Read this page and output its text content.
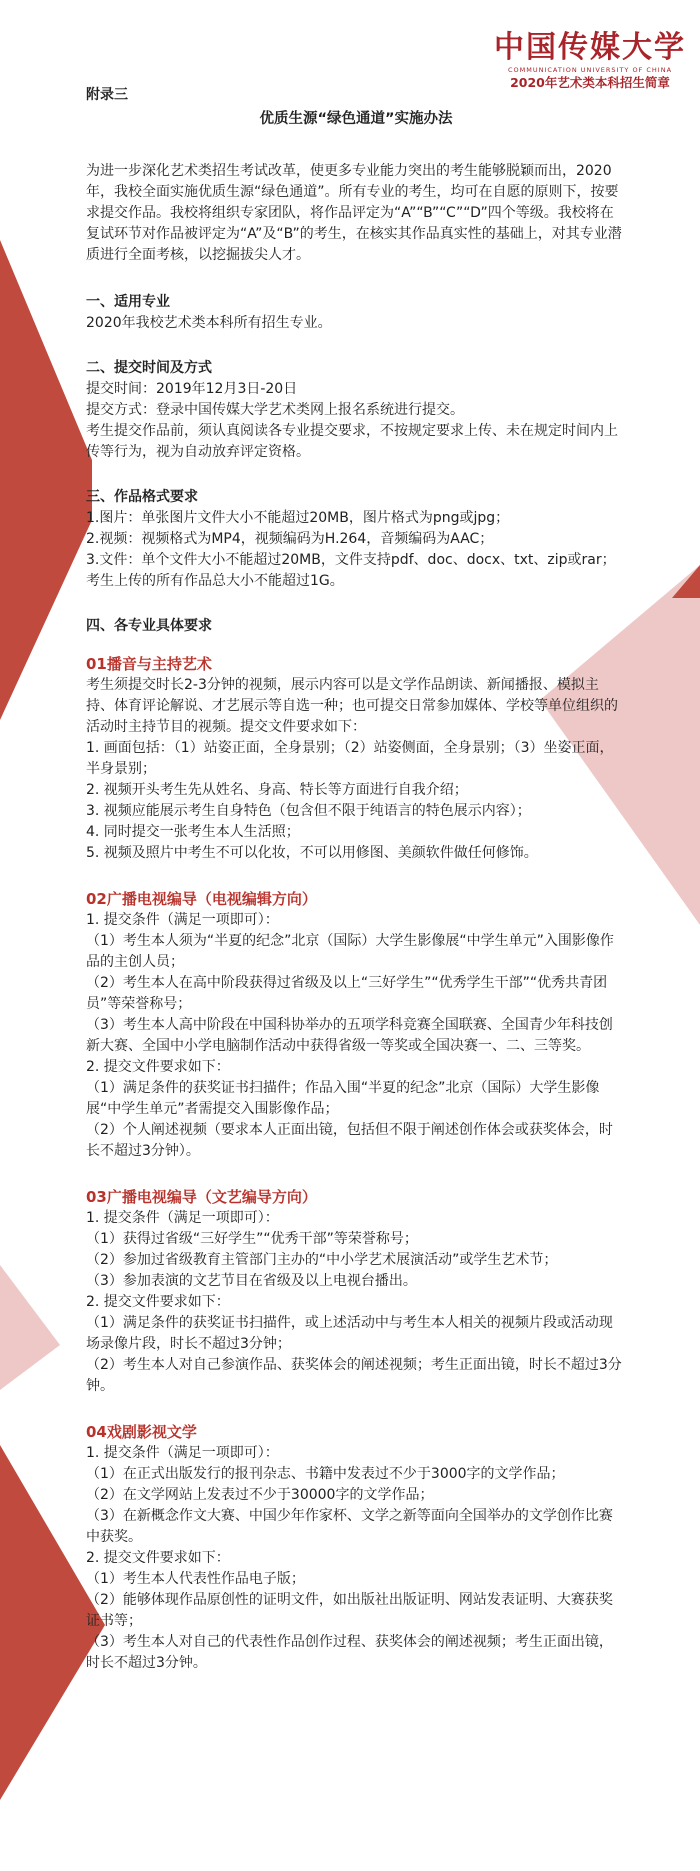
中国传媒大学
COMMUNICATION UNIVERSITY OF CHINA
2020年艺术类本科招生简章
附录三
优质生源“绿色通道”实施办法

为进一步深化艺术类招生考试改革，使更多专业能力突出的考生能够脱颖而出，2020年，我校全面实施优质生源“绿色通道”。所有专业的考生，均可在自愿的原则下，按要求提交作品。我校将组织专家团队，将作品评定为“A”“B”“C”“D”四个等级。我校将在复试环节对作品被评定为“A”及“B”的考生，在核实其作品真实性的基础上，对其专业潜质进行全面考核，以挖掘拔尖人才。

一、适用专业

2020年我校艺术类本科所有招生专业。

二、提交时间及方式

提交时间：2019年12月3日-20日

提交方式：登录中国传媒大学艺术类网上报名系统进行提交。

考生提交作品前，须认真阅读各专业提交要求，不按规定要求上传、未在规定时间内上传等行为，视为自动放弃评定资格。

三、作品格式要求

1.图片：单张图片文件大小不能超过20MB，图片格式为png或jpg；

2.视频：视频格式为MP4，视频编码为H.264，音频编码为AAC；

3.文件：单个文件大小不能超过20MB，文件支持pdf、doc、docx、txt、zip或rar；

考生上传的所有作品总大小不能超过1G。

四、各专业具体要求
01播音与主持艺术

考生须提交时长2-3分钟的视频，展示内容可以是文学作品朗读、新闻播报、模拟主持、体育评论解说、才艺展示等自选一种；也可提交日常参加媒体、学校等单位组织的活动时主持节目的视频。提交文件要求如下：

1. 画面包括：（1）站姿正面，全身景别；（2）站姿侧面，全身景别；（3）坐姿正面，半身景别；

2. 视频开头考生先从姓名、身高、特长等方面进行自我介绍；

3. 视频应能展示考生自身特色（包含但不限于纯语言的特色展示内容）；

4. 同时提交一张考生本人生活照；

5. 视频及照片中考生不可以化妆，不可以用修图、美颜软件做任何修饰。

02广播电视编导（电视编辑方向）

1. 提交条件（满足一项即可）：

（1）考生本人须为“半夏的纪念”北京（国际）大学生影像展“中学生单元”入围影像作品的主创人员；

（2）考生本人在高中阶段获得过省级及以上“三好学生”“优秀学生干部”“优秀共青团员”等荣誉称号；

（3）考生本人高中阶段在中国科协举办的五项学科竞赛全国联赛、全国青少年科技创新大赛、全国中小学电脑制作活动中获得省级一等奖或全国决赛一、二、三等奖。

2. 提交文件要求如下：

（1）满足条件的获奖证书扫描件；作品入围“半夏的纪念”北京（国际）大学生影像展“中学生单元”者需提交入围影像作品；

（2）个人阐述视频（要求本人正面出镜，包括但不限于阐述创作体会或获奖体会，时长不超过3分钟）。

03广播电视编导（文艺编导方向）

1. 提交条件（满足一项即可）：

（1）获得过省级“三好学生”“优秀干部”等荣誉称号；

（2）参加过省级教育主管部门主办的“中小学艺术展演活动”或学生艺术节；

（3）参加表演的文艺节目在省级及以上电视台播出。

2. 提交文件要求如下：

（1）满足条件的获奖证书扫描件，或上述活动中与考生本人相关的视频片段或活动现场录像片段，时长不超过3分钟；

（2）考生本人对自己参演作品、获奖体会的阐述视频；考生正面出镜，时长不超过3分钟。

04戏剧影视文学

1. 提交条件（满足一项即可）：

（1）在正式出版发行的报刊杂志、书籍中发表过不少于3000字的文学作品；

（2）在文学网站上发表过不少于30000字的文学作品；

（3）在新概念作文大赛、中国少年作家杯、文学之新等面向全国举办的文学创作比赛中获奖。

2. 提交文件要求如下：

（1）考生本人代表性作品电子版；

（2）能够体现作品原创性的证明文件，如出版社出版证明、网站发表证明、大赛获奖证书等；

（3）考生本人对自己的代表性作品创作过程、获奖体会的阐述视频；考生正面出镜，时长不超过3分钟。
